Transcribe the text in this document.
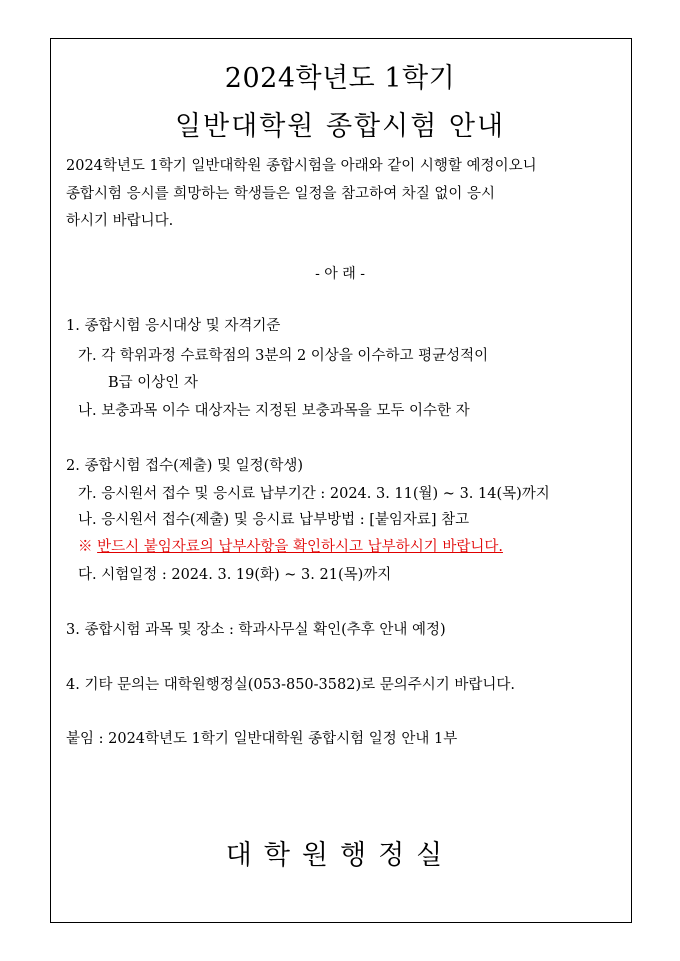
2024학년도 1학기
일반대학원 종합시험 안내
2024학년도 1학기 일반대학원 종합시험을 아래와 같이 시행할 예정이오니
종합시험 응시를 희망하는 학생들은 일정을 참고하여 차질 없이 응시
하시기 바랍니다.
- 아 래 -
1. 종합시험 응시대상 및 자격기준
가. 각 학위과정 수료학점의 3분의 2 이상을 이수하고 평균성적이
B급 이상인 자
나. 보충과목 이수 대상자는 지정된 보충과목을 모두 이수한 자
2. 종합시험 접수(제출) 및 일정(학생)
가. 응시원서 접수 및 응시료 납부기간 : 2024. 3. 11(월) ~ 3. 14(목)까지
나. 응시원서 접수(제출) 및 응시료 납부방법 : [붙임자료] 참고
※ 반드시 붙임자료의 납부사항을 확인하시고 납부하시기 바랍니다.
다. 시험일정 : 2024. 3. 19(화) ~ 3. 21(목)까지
3. 종합시험 과목 및 장소 : 학과사무실 확인(추후 안내 예정)
4. 기타 문의는 대학원행정실(053-850-3582)로 문의주시기 바랍니다.
붙임 : 2024학년도 1학기 일반대학원 종합시험 일정 안내 1부
대학원행정실
